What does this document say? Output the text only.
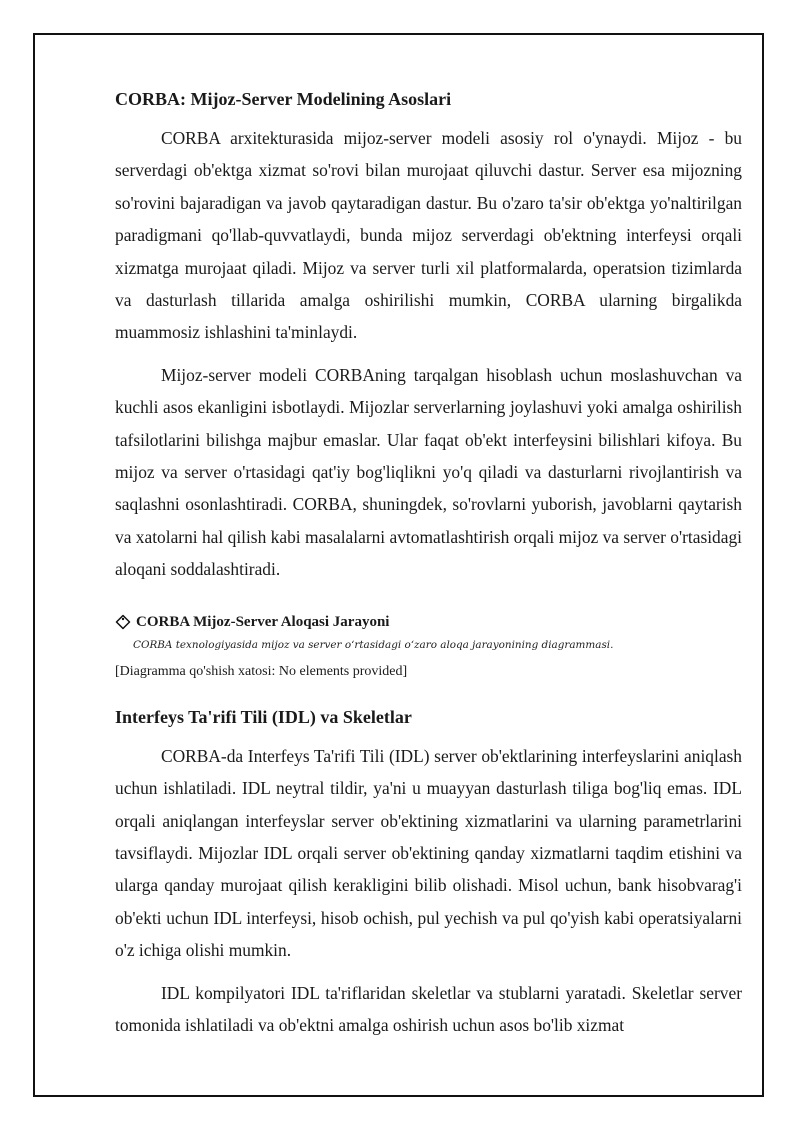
CORBA: Mijoz-Server Modelining Asoslari

CORBA arxitekturasida mijoz-server modeli asosiy rol o'ynaydi. Mijoz - bu serverdagi ob'ektga xizmat so'rovi bilan murojaat qiluvchi dastur. Server esa mijozning so'rovini bajaradigan va javob qaytaradigan dastur. Bu o'zaro ta'sir ob'ektga yo'naltirilgan paradigmani qo'llab-quvvatlaydi, bunda mijoz serverdagi ob'ektning interfeysi orqali xizmatga murojaat qiladi. Mijoz va server turli xil platformalarda, operatsion tizimlarda va dasturlash tillarida amalga oshirilishi mumkin, CORBA ularning birgalikda muammosiz ishlashini ta'minlaydi.

Mijoz-server modeli CORBAning tarqalgan hisoblash uchun moslashuvchan va kuchli asos ekanligini isbotlaydi. Mijozlar serverlarning joylashuvi yoki amalga oshirilish tafsilotlarini bilishga majbur emaslar. Ular faqat ob'ekt interfeysini bilishlari kifoya. Bu mijoz va server o'rtasidagi qat'iy bog'liqlikni yo'q qiladi va dasturlarni rivojlantirish va saqlashni osonlashtiradi. CORBA, shuningdek, so'rovlarni yuborish, javoblarni qaytarish va xatolarni hal qilish kabi masalalarni avtomatlashtirish orqali mijoz va server o'rtasidagi aloqani soddalashtiradi.

CORBA Mijoz-Server Aloqasi Jarayoni
CORBA texnologiyasida mijoz va server o‘rtasidagi o‘zaro aloqa jarayonining diagrammasi.
[Diagramma qo'shish xatosi: No elements provided]
Interfeys Ta'rifi Tili (IDL) va Skeletlar

CORBA-da Interfeys Ta'rifi Tili (IDL) server ob'ektlarining interfeyslarini aniqlash uchun ishlatiladi. IDL neytral tildir, ya'ni u muayyan dasturlash tiliga bog'liq emas. IDL orqali aniqlangan interfeyslar server ob'ektining xizmatlarini va ularning parametrlarini tavsiflaydi. Mijozlar IDL orqali server ob'ektining qanday xizmatlarni taqdim etishini va ularga qanday murojaat qilish kerakligini bilib olishadi. Misol uchun, bank hisobvarag'i ob'ekti uchun IDL interfeysi, hisob ochish, pul yechish va pul qo'yish kabi operatsiyalarni o'z ichiga olishi mumkin.

IDL kompilyatori IDL ta'riflaridan skeletlar va stublarni yaratadi. Skeletlar server tomonida ishlatiladi va ob'ektni amalga oshirish uchun asos bo'lib xizmat
